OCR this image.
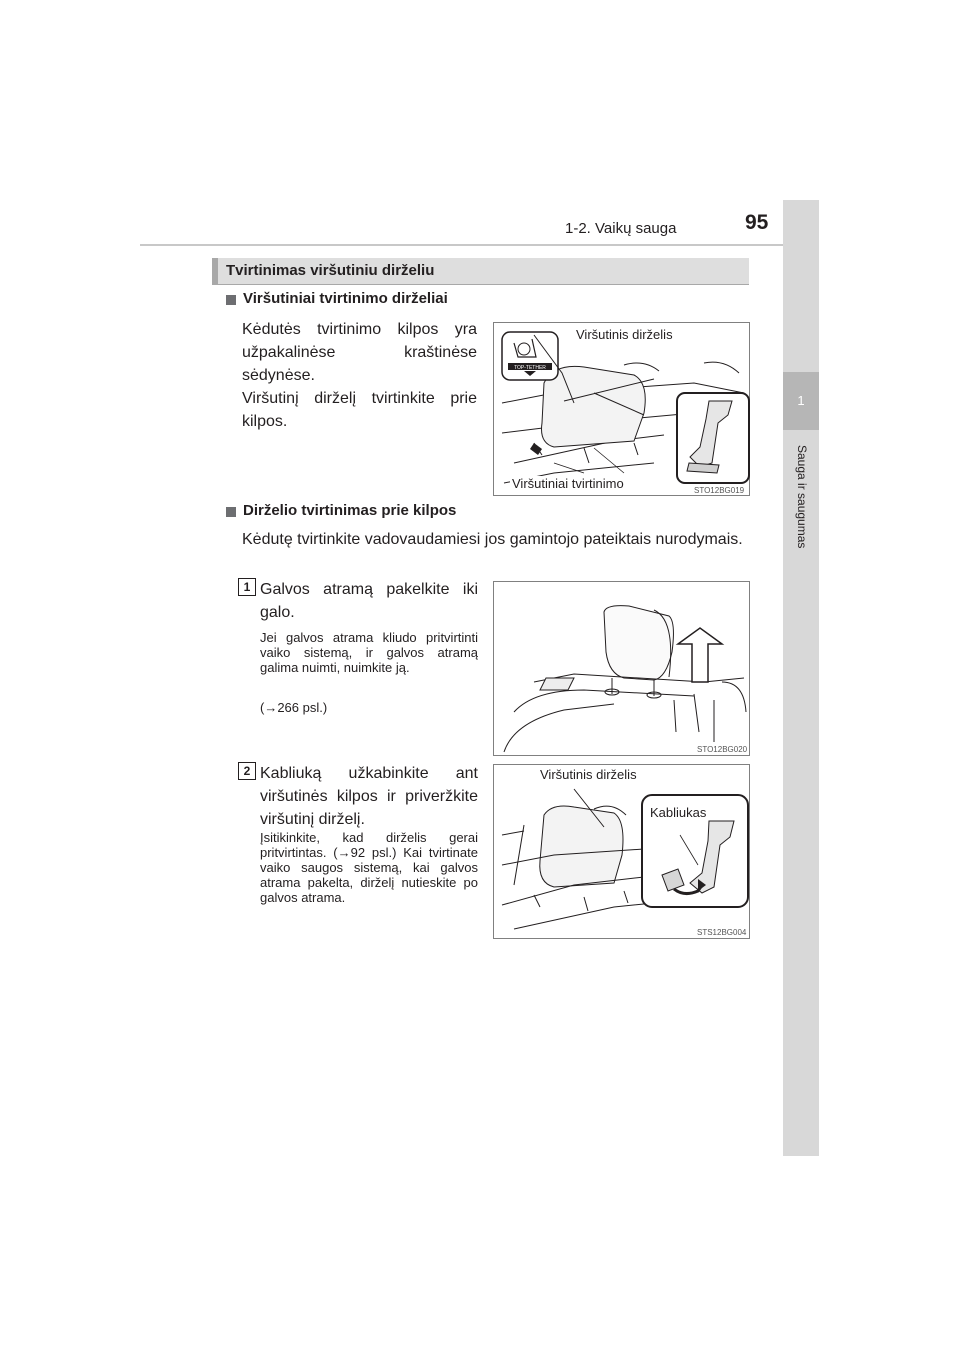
1-2. Vaikų sauga	95
1
Sauga ir saugumas
Tvirtinimas viršutiniu dirželiu
Viršutiniai tvirtinimo dirželiai
Kėdutės tvirtinimo kilpos yra užpakalinėse kraštinėse sėdynėse.
Viršutinį dirželį tvirtinkite prie kilpos.
TOP-TETHER
Viršutinis dirželis
Viršutiniai tvirtinimo	STO12BG019
Dirželio tvirtinimas prie kilpos
Kėdutę tvirtinkite vadovaudamiesi jos gamintojo pateiktais nurodymais.
1 Galvos atramą pakelkite iki galo.
Jei galvos atrama kliudo pritvirtinti vaiko sistemą, ir galvos atramą galima nuimti, nuimkite ją.
(→266 psl.)
STO12BG020
2 Kabliuką užkabinkite ant viršutinės kilpos ir priveržkite viršutinį dirželį.
Įsitikinkite, kad dirželis gerai pritvirtintas. (→92 psl.) Kai tvirtinate vaiko saugos sistemą, kai galvos atrama pakelta, dirželį nutieskite po galvos atrama.
Viršutinis dirželis
Kabliukas
STS12BG004
